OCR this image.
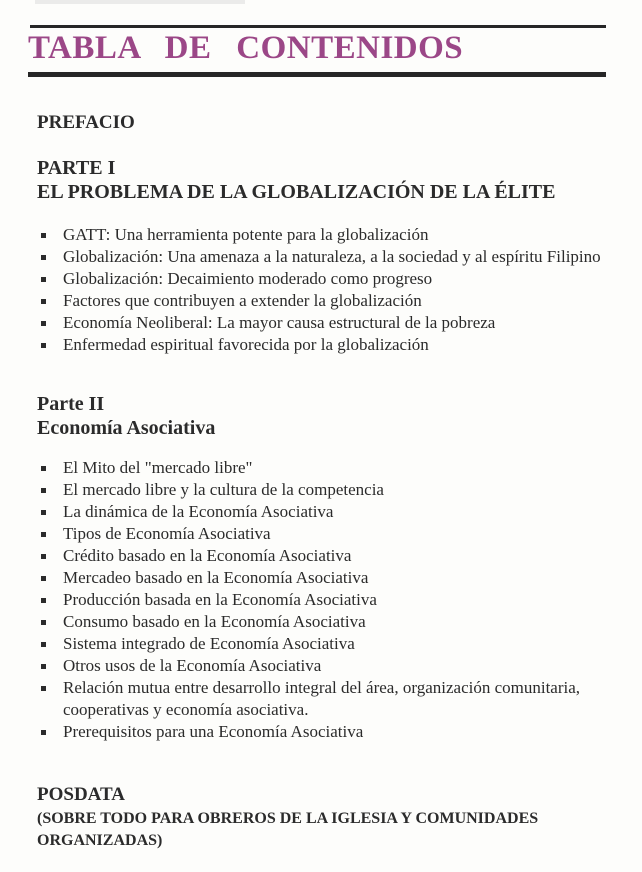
TABLA DE CONTENIDOS
PREFACIO
PARTE I
EL PROBLEMA DE LA GLOBALIZACIÓN DE LA ÉLITE
GATT: Una herramienta potente para la globalización
Globalización: Una amenaza a la naturaleza, a la sociedad y al espíritu Filipino
Globalización: Decaimiento moderado como progreso
Factores que contribuyen a extender la globalización
Economía Neoliberal: La mayor causa estructural de la pobreza
Enfermedad espiritual favorecida por la globalización
Parte II
Economía Asociativa
El Mito del "mercado libre"
El mercado libre y la cultura de la competencia
La dinámica de la Economía Asociativa
Tipos de Economía Asociativa
Crédito basado en la Economía Asociativa
Mercadeo basado en la Economía Asociativa
Producción basada en la Economía Asociativa
Consumo basado en la Economía Asociativa
Sistema integrado de Economía Asociativa
Otros usos de la Economía Asociativa
Relación mutua entre desarrollo integral del área, organización comunitaria, cooperativas y economía asociativa.
Prerequisitos para una Economía Asociativa
POSDATA
(SOBRE TODO PARA OBREROS DE LA IGLESIA Y COMUNIDADES ORGANIZADAS)
